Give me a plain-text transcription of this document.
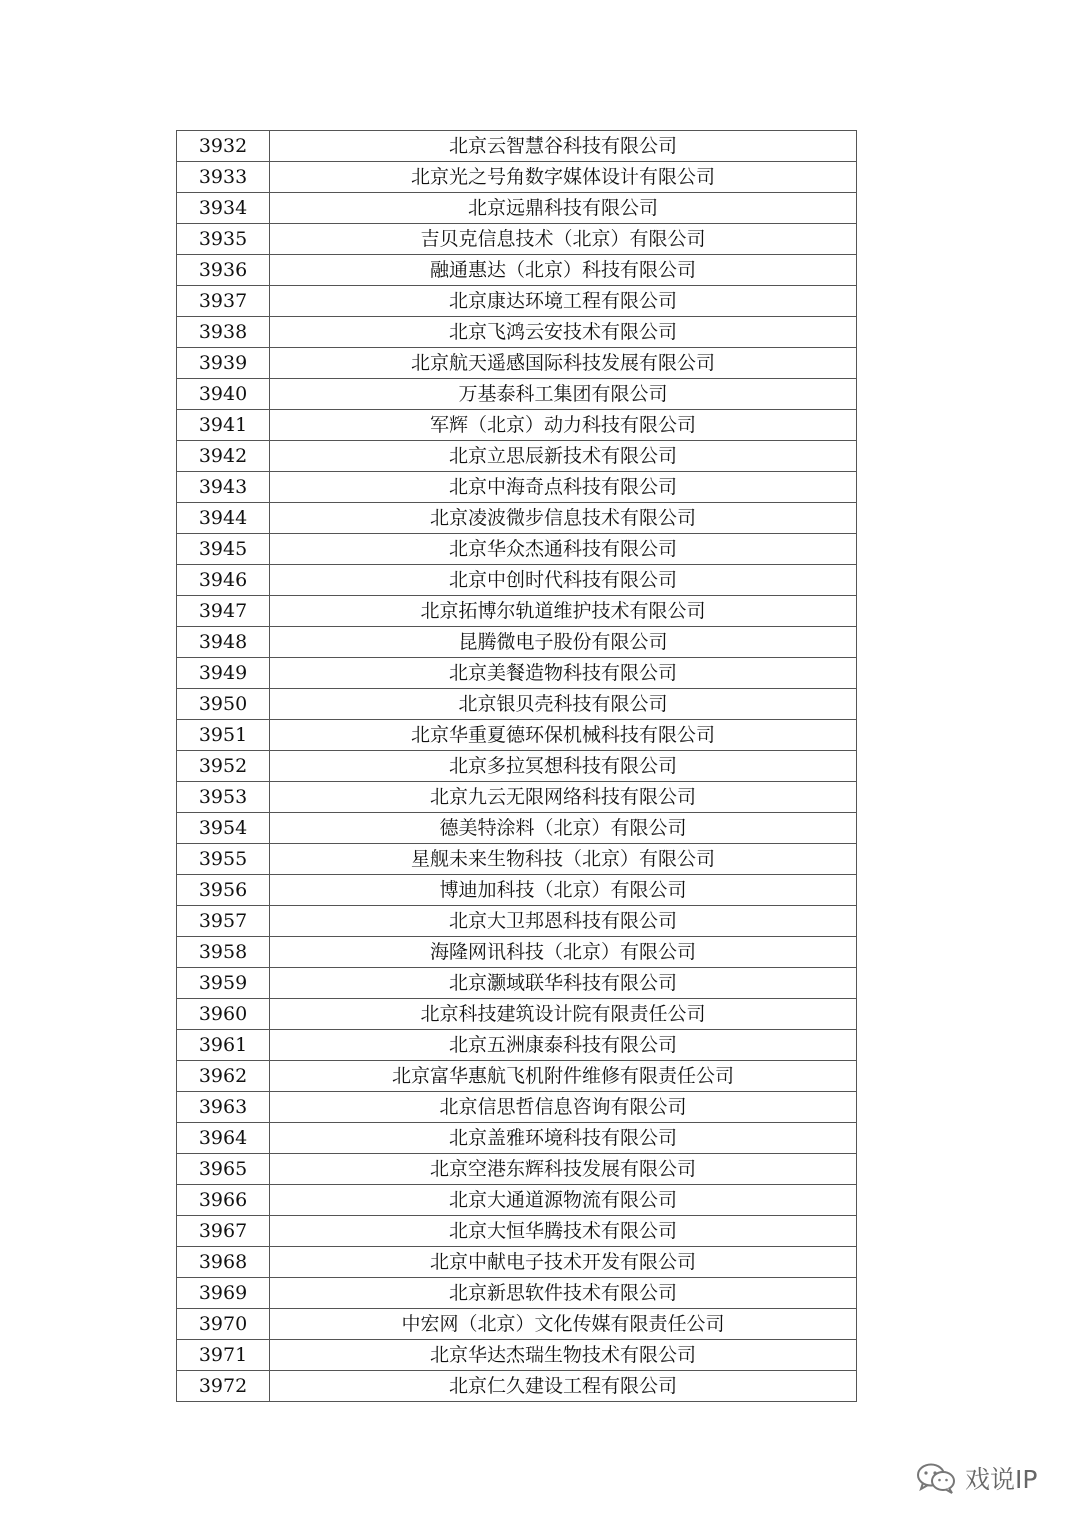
3932	北京云智慧谷科技有限公司
3933	北京光之号角数字媒体设计有限公司
3934	北京远鼎科技有限公司
3935	吉贝克信息技术（北京）有限公司
3936	融通惠达（北京）科技有限公司
3937	北京康达环境工程有限公司
3938	北京飞鸿云安技术有限公司
3939	北京航天遥感国际科技发展有限公司
3940	万基泰科工集团有限公司
3941	军辉（北京）动力科技有限公司
3942	北京立思辰新技术有限公司
3943	北京中海奇点科技有限公司
3944	北京凌波微步信息技术有限公司
3945	北京华众杰通科技有限公司
3946	北京中创时代科技有限公司
3947	北京拓博尔轨道维护技术有限公司
3948	昆腾微电子股份有限公司
3949	北京美餐造物科技有限公司
3950	北京银贝壳科技有限公司
3951	北京华重夏德环保机械科技有限公司
3952	北京多拉冥想科技有限公司
3953	北京九云无限网络科技有限公司
3954	德美特涂料（北京）有限公司
3955	星舰未来生物科技（北京）有限公司
3956	博迪加科技（北京）有限公司
3957	北京大卫邦恩科技有限公司
3958	海隆网讯科技（北京）有限公司
3959	北京灏域联华科技有限公司
3960	北京科技建筑设计院有限责任公司
3961	北京五洲康泰科技有限公司
3962	北京富华惠航飞机附件维修有限责任公司
3963	北京信思哲信息咨询有限公司
3964	北京盖雅环境科技有限公司
3965	北京空港东辉科技发展有限公司
3966	北京大通道源物流有限公司
3967	北京大恒华腾技术有限公司
3968	北京中献电子技术开发有限公司
3969	北京新思软件技术有限公司
3970	中宏网（北京）文化传媒有限责任公司
3971	北京华达杰瑞生物技术有限公司
3972	北京仁久建设工程有限公司
戏说IP
